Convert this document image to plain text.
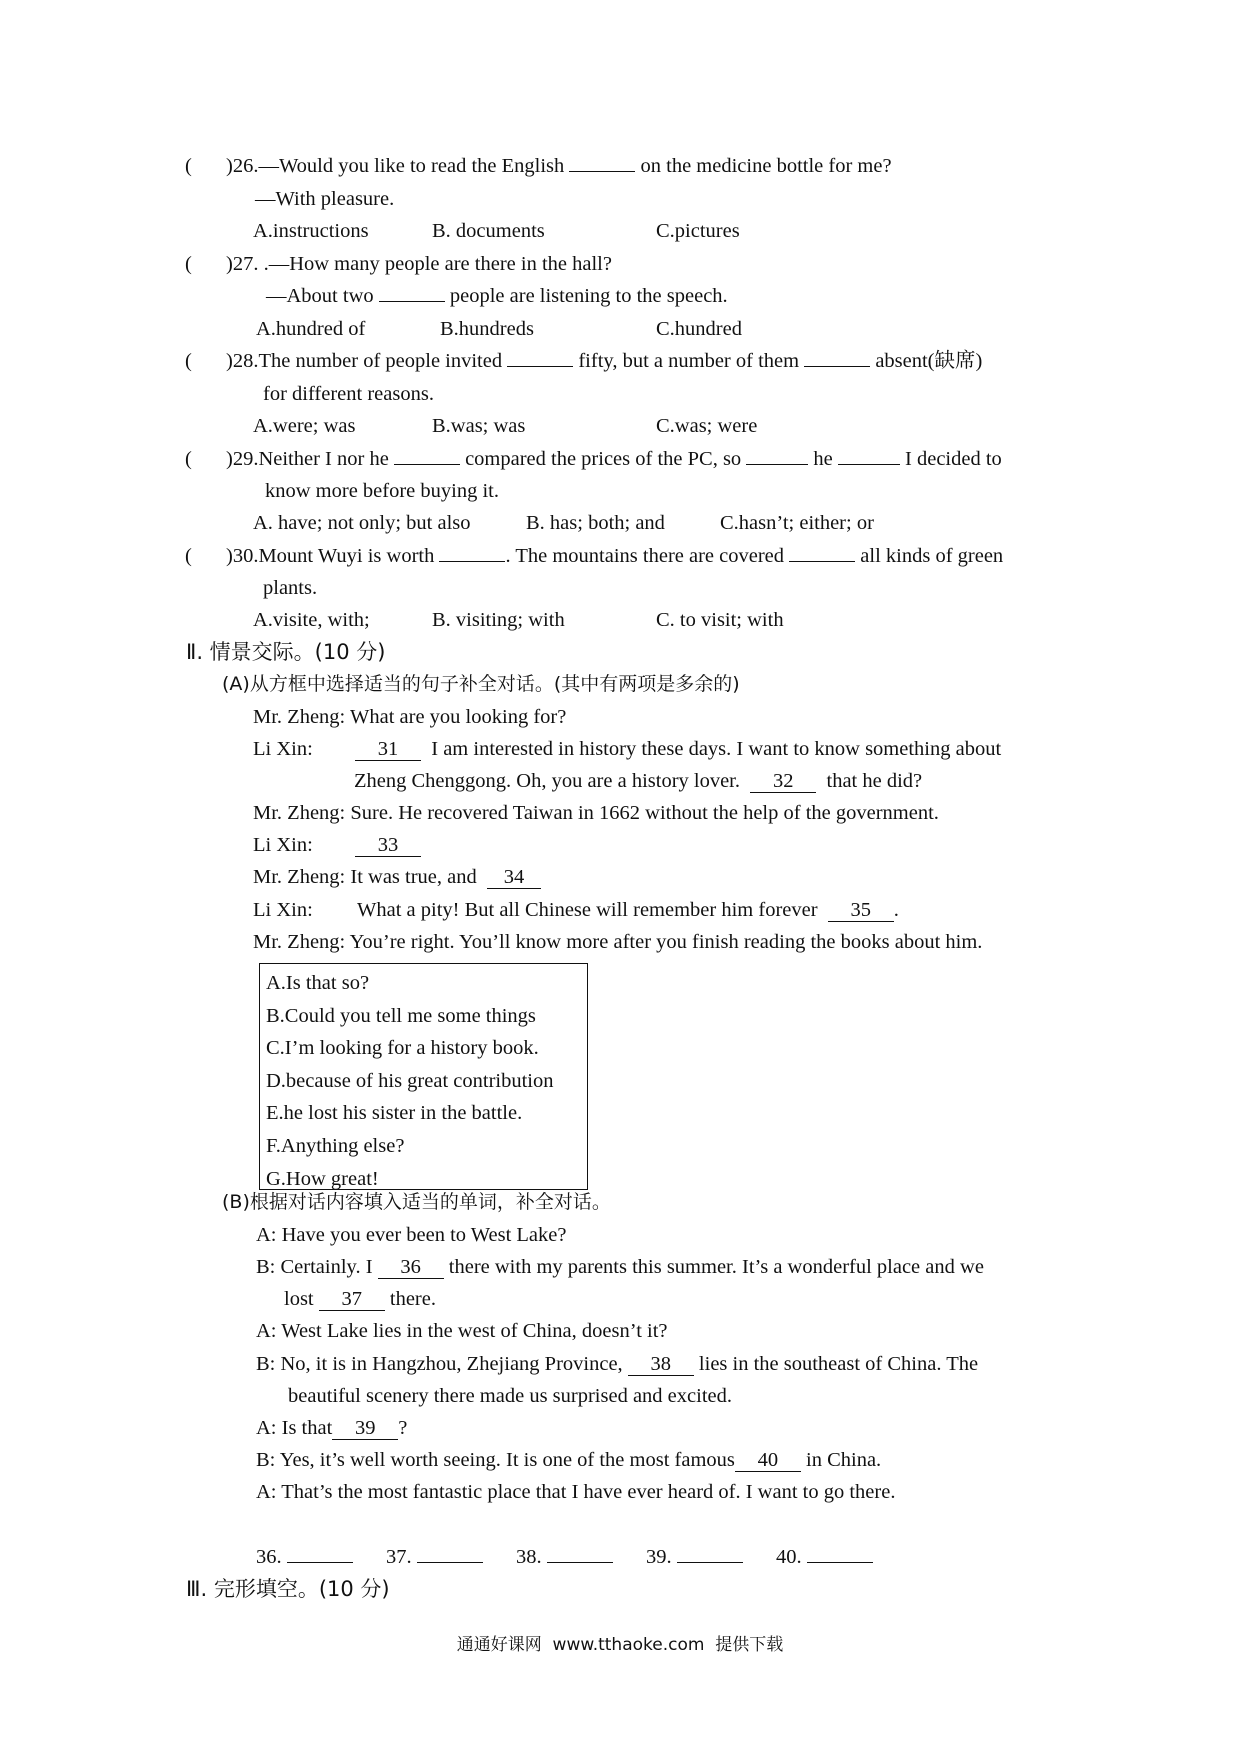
( )26.—Would you like to read the English	on the medicine bottle for me?
—With pleasure.
A.instructions	B. documents	C.pictures
( )27. .—How many people are there in the hall?
—About two	people are listening to the speech.
A.hundred of	B.hundreds	C.hundred
( )28.The number of people invited	fifty, but a number of them	absent(缺席)
for different reasons.
A.were; was	B.was; was	C.was; were
( )29.Neither I nor he	compared the prices of the PC, so	he	I decided to
know more before buying it.
A. have; not only; but also	B. has; both; and	C.hasn’t; either; or
( )30.Mount Wuyi is worth	. The mountains there are covered	all kinds of green
plants.
A.visite, with;	B. visiting; with	C. to visit; with
Ⅱ. 情景交际。(10 分)
(A)从方框中选择适当的句子补全对话。(其中有两项是多余的)
Mr. Zheng: What are you looking for?
Li Xin:	31 I am interested in history these days. I want to know something about
Zheng Chenggong. Oh, you are a history lover. 32 that he did?
Mr. Zheng: Sure. He recovered Taiwan in 1662 without the help of the government.
Li Xin:	33
Mr. Zheng: It was true, and 34
Li Xin: What a pity! But all Chinese will remember him forever 35 .
Mr. Zheng: You’re right. You’ll know more after you finish reading the books about him.
A.Is that so?
B.Could you tell me some things
C.I’m looking for a history book.
D.because of his great contribution
E.he lost his sister in the battle.
F.Anything else?
G.How great!
(B)根据对话内容填入适当的单词，补全对话。
A: Have you ever been to West Lake?
B: Certainly. I 36 there with my parents this summer. It’s a wonderful place and we
lost 37 there.
A: West Lake lies in the west of China, doesn’t it?
B: No, it is in Hangzhou, Zhejiang Province, 38 lies in the southeast of China. The
beautiful scenery there made us surprised and excited.
A: Is that 39 ?
B: Yes, it’s well worth seeing. It is one of the most famous 40 in China.
A: That’s the most fantastic place that I have ever heard of. I want to go there.
36.	37.	38.	39.	40.
Ⅲ. 完形填空。(10 分)
通通好课网  www.tthaoke.com  提供下载
